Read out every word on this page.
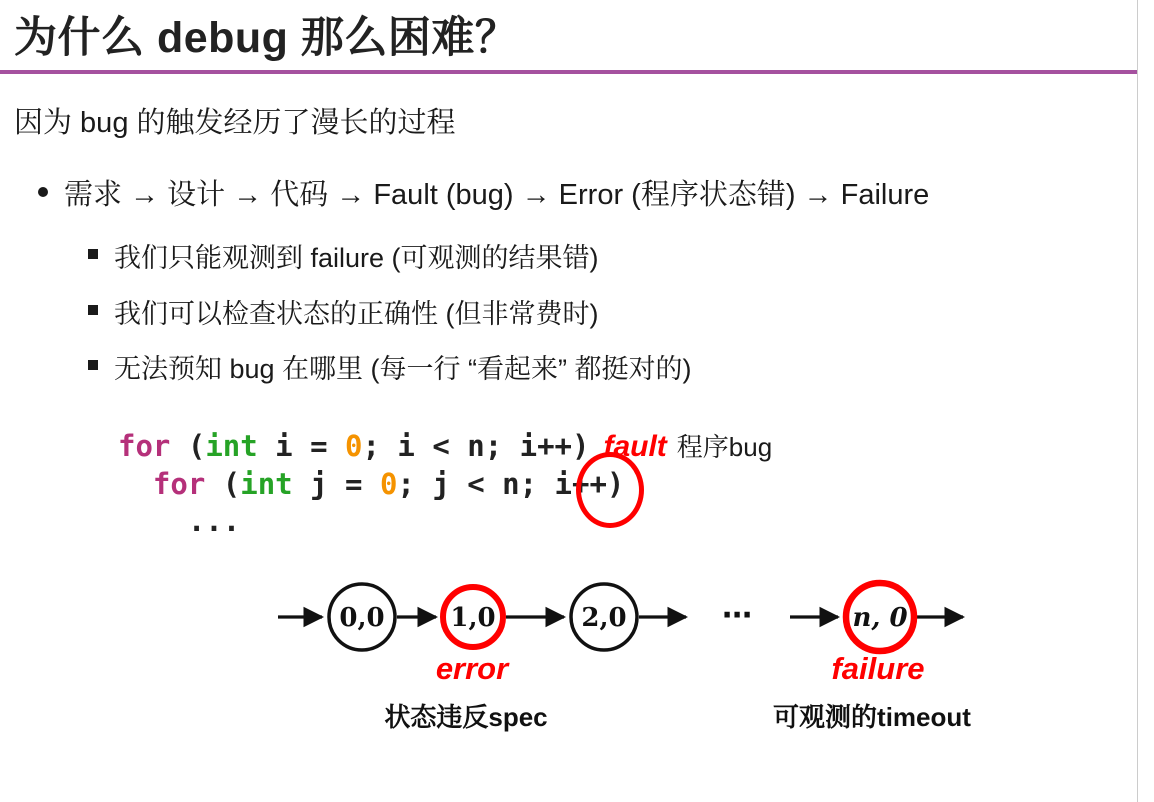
为什么 debug 那么困难？
因为 bug 的触发经历了漫长的过程
需求 → 设计 → 代码 → Fault (bug) → Error (程序状态错) → Failure
我们只能观测到 failure (可观测的结果错)
我们可以检查状态的正确性 (但非常费时)
无法预知 bug 在哪里 (每一行 “看起来” 都挺对的)
for (int i = 0; i < n; i++) fault 程序bug
for (int j = 0; j < n; i++)
...
0,0	1,0	2,0	n, 0
⋯
error
状态违反spec
failure
可观测的timeout
